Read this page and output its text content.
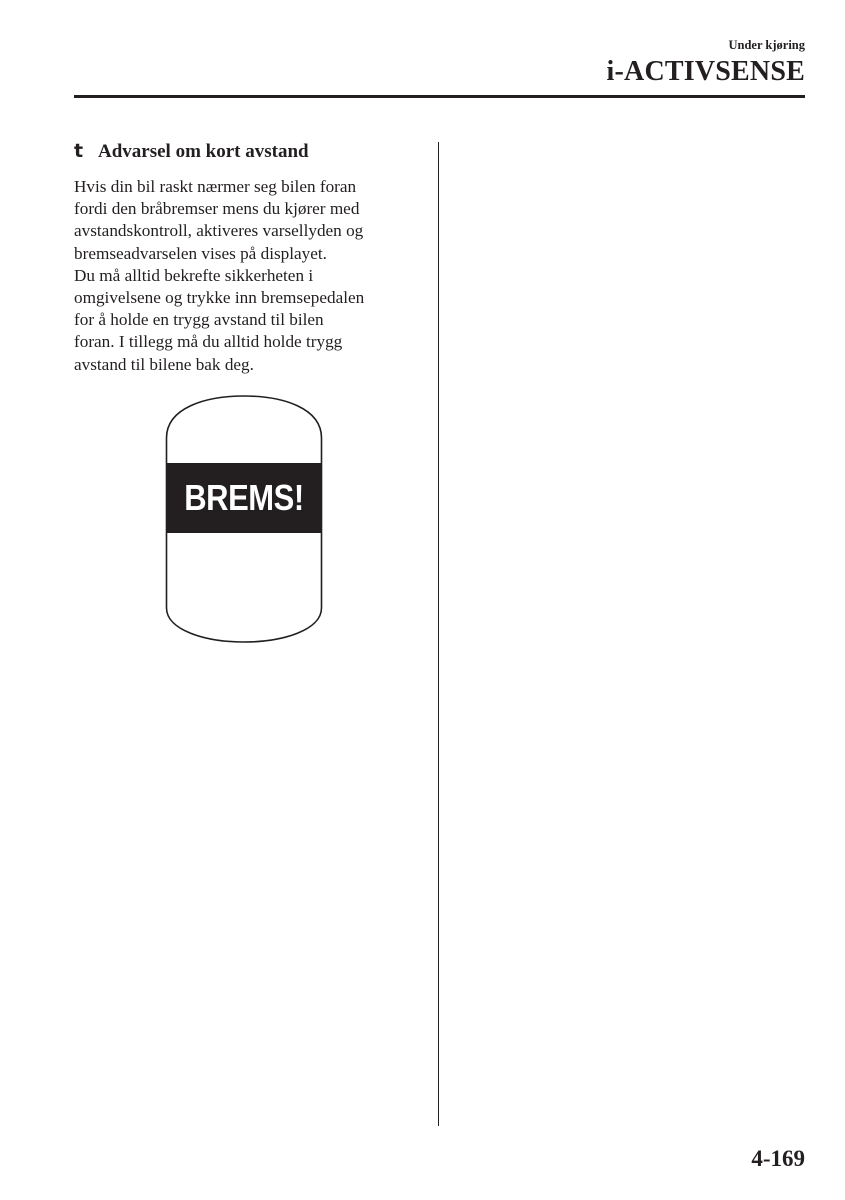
Under kjøring
i-ACTIVSENSE
t Advarsel om kort avstand

Hvis din bil raskt nærmer seg bilen foran
fordi den bråbremser mens du kjører med
avstandskontroll, aktiveres varsellyden og
bremseadvarselen vises på displayet.
Du må alltid bekrefte sikkerheten i
omgivelsene og trykke inn bremsepedalen
for å holde en trygg avstand til bilen
foran. I tillegg må du alltid holde trygg
avstand til bilene bak deg.

BREMS!
4-169
